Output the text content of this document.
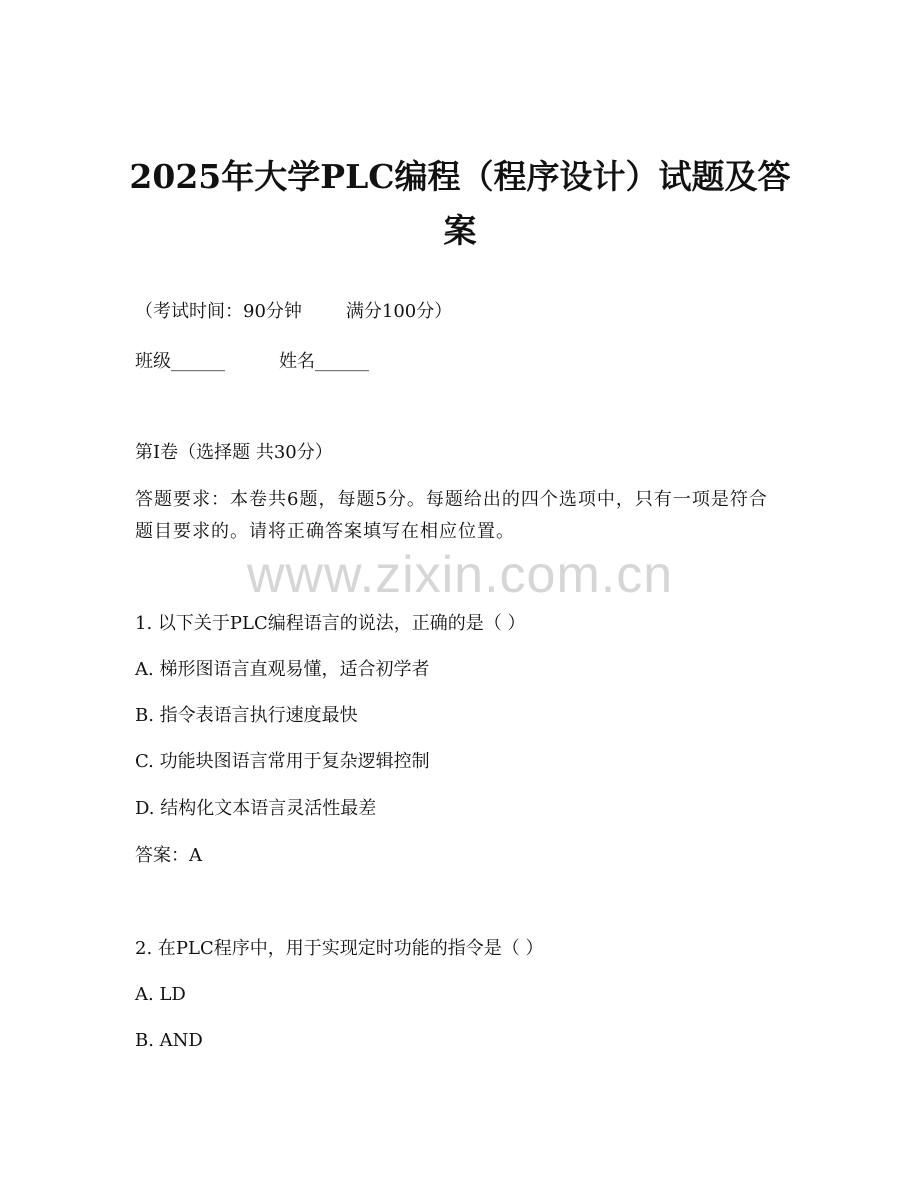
2025年大学PLC编程（程序设计）试题及答案
（考试时间：90分钟 满分100分）
班级______	姓名______
第I卷（选择题 共30分）
答题要求：本卷共6题，每题5分。每题给出的四个选项中，只有一项是符合题目要求的。请将正确答案填写在相应位置。
www.zixin.com.cn
1. 以下关于PLC编程语言的说法，正确的是（ ）
A. 梯形图语言直观易懂，适合初学者
B. 指令表语言执行速度最快
C. 功能块图语言常用于复杂逻辑控制
D. 结构化文本语言灵活性最差
答案：A
2. 在PLC程序中，用于实现定时功能的指令是（ ）
A. LD
B. AND
